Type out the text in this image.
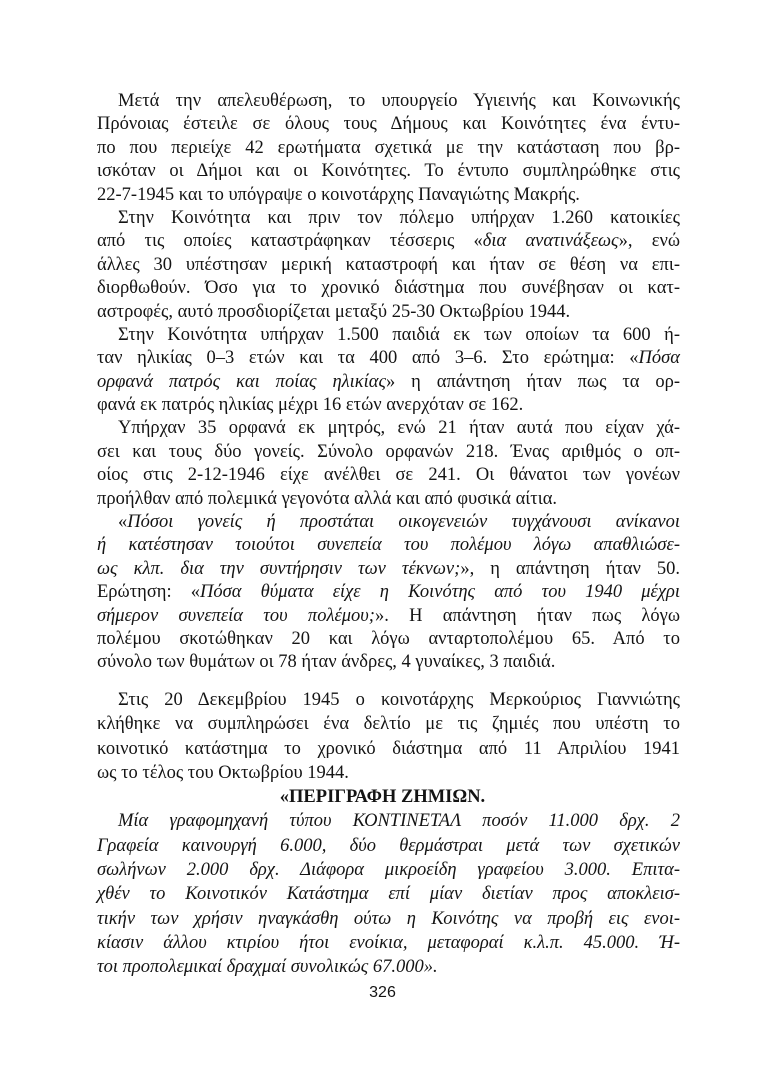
Μετά την απελευθέρωση, το υπουργείο Υγιεινής και Κοινωνικής
Πρόνοιας έστειλε σε όλους τους Δήμους και Κοινότητες ένα έντυ-
πο που περιείχε 42 ερωτήματα σχετικά με την κατάσταση που βρ-
ισκόταν οι Δήμοι και οι Κοινότητες. Το έντυπο συμπληρώθηκε στις
22-7-1945 και το υπόγραψε ο κοινοτάρχης Παναγιώτης Μακρής.
Στην Κοινότητα και πριν τον πόλεμο υπήρχαν 1.260 κατοικίες
από τις οποίες καταστράφηκαν τέσσερις «δια ανατινάξεως», ενώ
άλλες 30 υπέστησαν μερική καταστροφή και ήταν σε θέση να επι-
διορθωθούν. Όσο για το χρονικό διάστημα που συνέβησαν οι κατ-
αστροφές, αυτό προσδιορίζεται μεταξύ 25-30 Οκτωβρίου 1944.
Στην Κοινότητα υπήρχαν 1.500 παιδιά εκ των οποίων τα 600 ή-
ταν ηλικίας 0–3 ετών και τα 400 από 3–6. Στο ερώτημα: «Πόσα
ορφανά πατρός και ποίας ηλικίας» η απάντηση ήταν πως τα ορ-
φανά εκ πατρός ηλικίας μέχρι 16 ετών ανερχόταν σε 162.
Υπήρχαν 35 ορφανά εκ μητρός, ενώ 21 ήταν αυτά που είχαν χά-
σει και τους δύο γονείς. Σύνολο ορφανών 218. Ένας αριθμός ο οπ-
οίος στις 2-12-1946 είχε ανέλθει σε 241. Οι θάνατοι των γονέων
προήλθαν από πολεμικά γεγονότα αλλά και από φυσικά αίτια.
«Πόσοι γονείς ή προστάται οικογενειών τυγχάνουσι ανίκανοι
ή κατέστησαν τοιούτοι συνεπεία του πολέμου λόγω απαθλιώσε-
ως κλπ. δια την συντήρησιν των τέκνων;», η απάντηση ήταν 50.
Ερώτηση: «Πόσα θύματα είχε η Κοινότης από του 1940 μέχρι
σήμερον συνεπεία του πολέμου;». Η απάντηση ήταν πως λόγω
πολέμου σκοτώθηκαν 20 και λόγω ανταρτοπολέμου 65. Από το
σύνολο των θυμάτων οι 78 ήταν άνδρες, 4 γυναίκες, 3 παιδιά.
Στις 20 Δεκεμβρίου 1945 ο κοινοτάρχης Μερκούριος Γιαννιώτης
κλήθηκε να συμπληρώσει ένα δελτίο με τις ζημιές που υπέστη το
κοινοτικό κατάστημα το χρονικό διάστημα από 11 Απριλίου 1941
ως το τέλος του Οκτωβρίου 1944.
«ΠΕΡΙΓΡΑΦΗ ΖΗΜΙΩΝ.
Μία γραφομηχανή τύπου ΚΟΝΤΙΝΕΤΑΛ ποσόν 11.000 δρχ. 2
Γραφεία καινουργή 6.000, δύο θερμάστραι μετά των σχετικών
σωλήνων 2.000 δρχ. Διάφορα μικροείδη γραφείου 3.000. Επιτα-
χθέν το Κοινοτικόν Κατάστημα επί μίαν διετίαν προς αποκλεισ-
τικήν των χρήσιν ηναγκάσθη ούτω η Κοινότης να προβή εις ενοι-
κίασιν άλλου κτιρίου ήτοι ενοίκια, μεταφοραί κ.λ.π. 45.000. Ή-
τοι προπολεμικαί δραχμαί συνολικώς 67.000».
326
